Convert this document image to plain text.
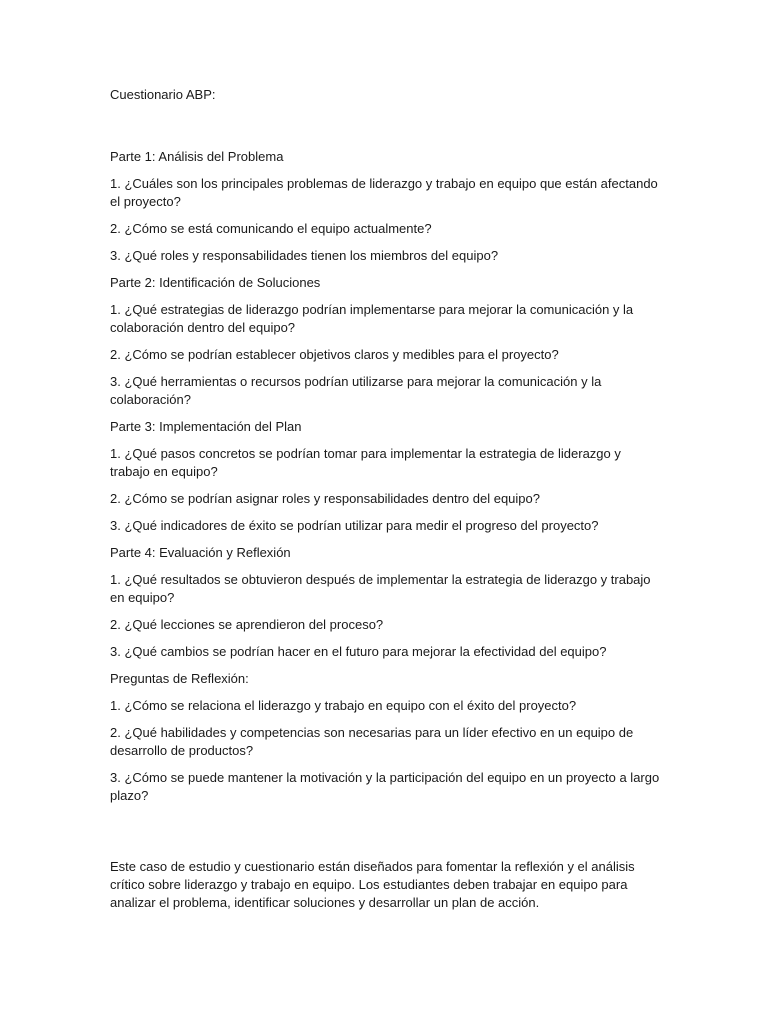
Cuestionario ABP:

Parte 1: Análisis del Problema

1. ¿Cuáles son los principales problemas de liderazgo y trabajo en equipo que están afectando el proyecto?

2. ¿Cómo se está comunicando el equipo actualmente?

3. ¿Qué roles y responsabilidades tienen los miembros del equipo?

Parte 2: Identificación de Soluciones

1. ¿Qué estrategias de liderazgo podrían implementarse para mejorar la comunicación y la colaboración dentro del equipo?

2. ¿Cómo se podrían establecer objetivos claros y medibles para el proyecto?

3. ¿Qué herramientas o recursos podrían utilizarse para mejorar la comunicación y la colaboración?

Parte 3: Implementación del Plan

1. ¿Qué pasos concretos se podrían tomar para implementar la estrategia de liderazgo y trabajo en equipo?

2. ¿Cómo se podrían asignar roles y responsabilidades dentro del equipo?

3. ¿Qué indicadores de éxito se podrían utilizar para medir el progreso del proyecto?

Parte 4: Evaluación y Reflexión

1. ¿Qué resultados se obtuvieron después de implementar la estrategia de liderazgo y trabajo en equipo?

2. ¿Qué lecciones se aprendieron del proceso?

3. ¿Qué cambios se podrían hacer en el futuro para mejorar la efectividad del equipo?

Preguntas de Reflexión:

1. ¿Cómo se relaciona el liderazgo y trabajo en equipo con el éxito del proyecto?

2. ¿Qué habilidades y competencias son necesarias para un líder efectivo en un equipo de desarrollo de productos?

3. ¿Cómo se puede mantener la motivación y la participación del equipo en un proyecto a largo plazo?

Este caso de estudio y cuestionario están diseñados para fomentar la reflexión y el análisis crítico sobre liderazgo y trabajo en equipo. Los estudiantes deben trabajar en equipo para analizar el problema, identificar soluciones y desarrollar un plan de acción.
